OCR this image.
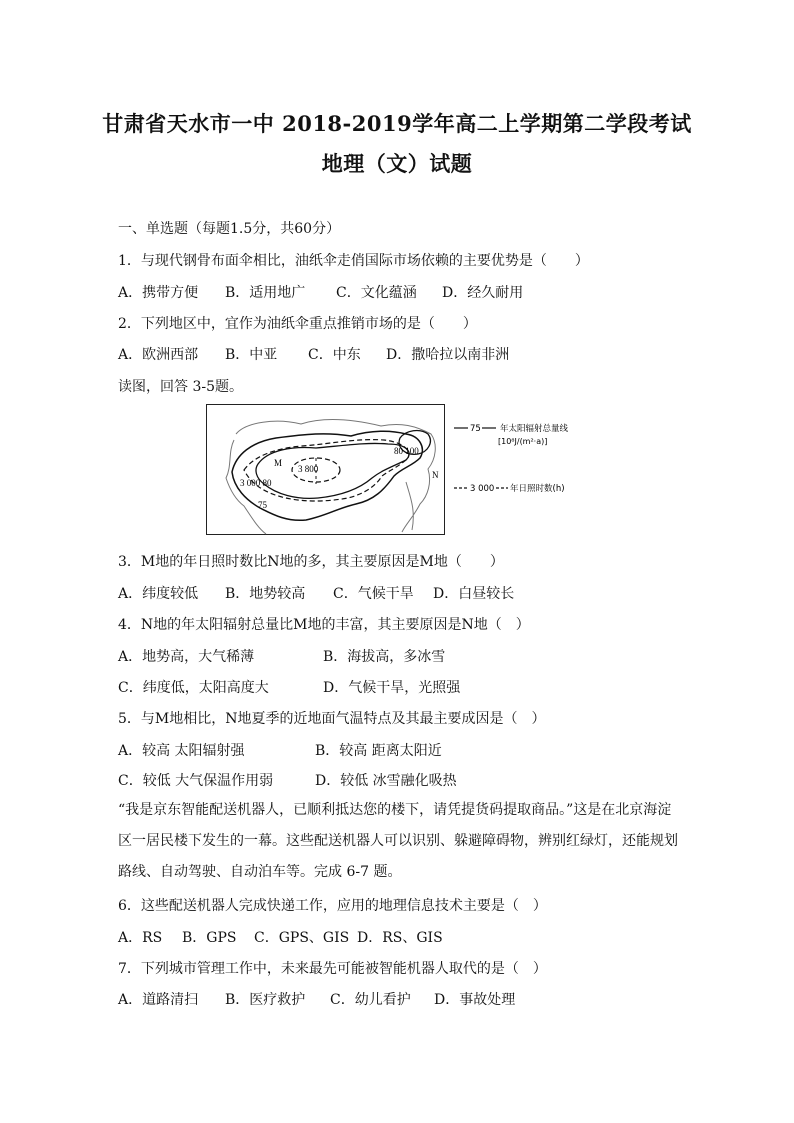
甘肃省天水市一中 2018-2019学年高二上学期第二学段考试
地理（文）试题
一、单选题（每题1.5分，共60分）
1．与现代钢骨布面伞相比，油纸伞走俏国际市场依赖的主要优势是（　　）
A．携带方便 B．适用地广 C．文化蕴涵 D．经久耐用
2．下列地区中，宜作为油纸伞重点推销市场的是（　　）
A．欧洲西部 B．中亚 C．中东 D．撒哈拉以南非洲
读图，回答 3-5题。
M
3 800
3 000 80
75
80 100
N
75 年太阳辐射总量线
[10⁸J/(m²·a)]
3 000 年日照时数(h)
3．M地的年日照时数比N地的多，其主要原因是M地（　　）
A．纬度较低 B．地势较高 C．气候干旱 D．白昼较长
4．N地的年太阳辐射总量比M地的丰富，其主要原因是N地（　）
A．地势高，大气稀薄	B．海拔高，多冰雪
C．纬度低，太阳高度大	D．气候干旱，光照强
5．与M地相比，N地夏季的近地面气温特点及其最主要成因是（　）
A．较高 太阳辐射强	B．较高 距离太阳近
C．较低 大气保温作用弱	D．较低 冰雪融化吸热
“我是京东智能配送机器人，已顺利抵达您的楼下，请凭提货码提取商品。”这是在北京海淀区一居民楼下发生的一幕。这些配送机器人可以识别、躲避障碍物，辨别红绿灯，还能规划路线、自动驾驶、自动泊车等。完成 6-7 题。
6．这些配送机器人完成快递工作，应用的地理信息技术主要是（　）
A．RS B．GPS C．GPS、GIS D．RS、GIS
7．下列城市管理工作中，未来最先可能被智能机器人取代的是（　）
A．道路清扫 B．医疗救护 C．幼儿看护 D．事故处理
